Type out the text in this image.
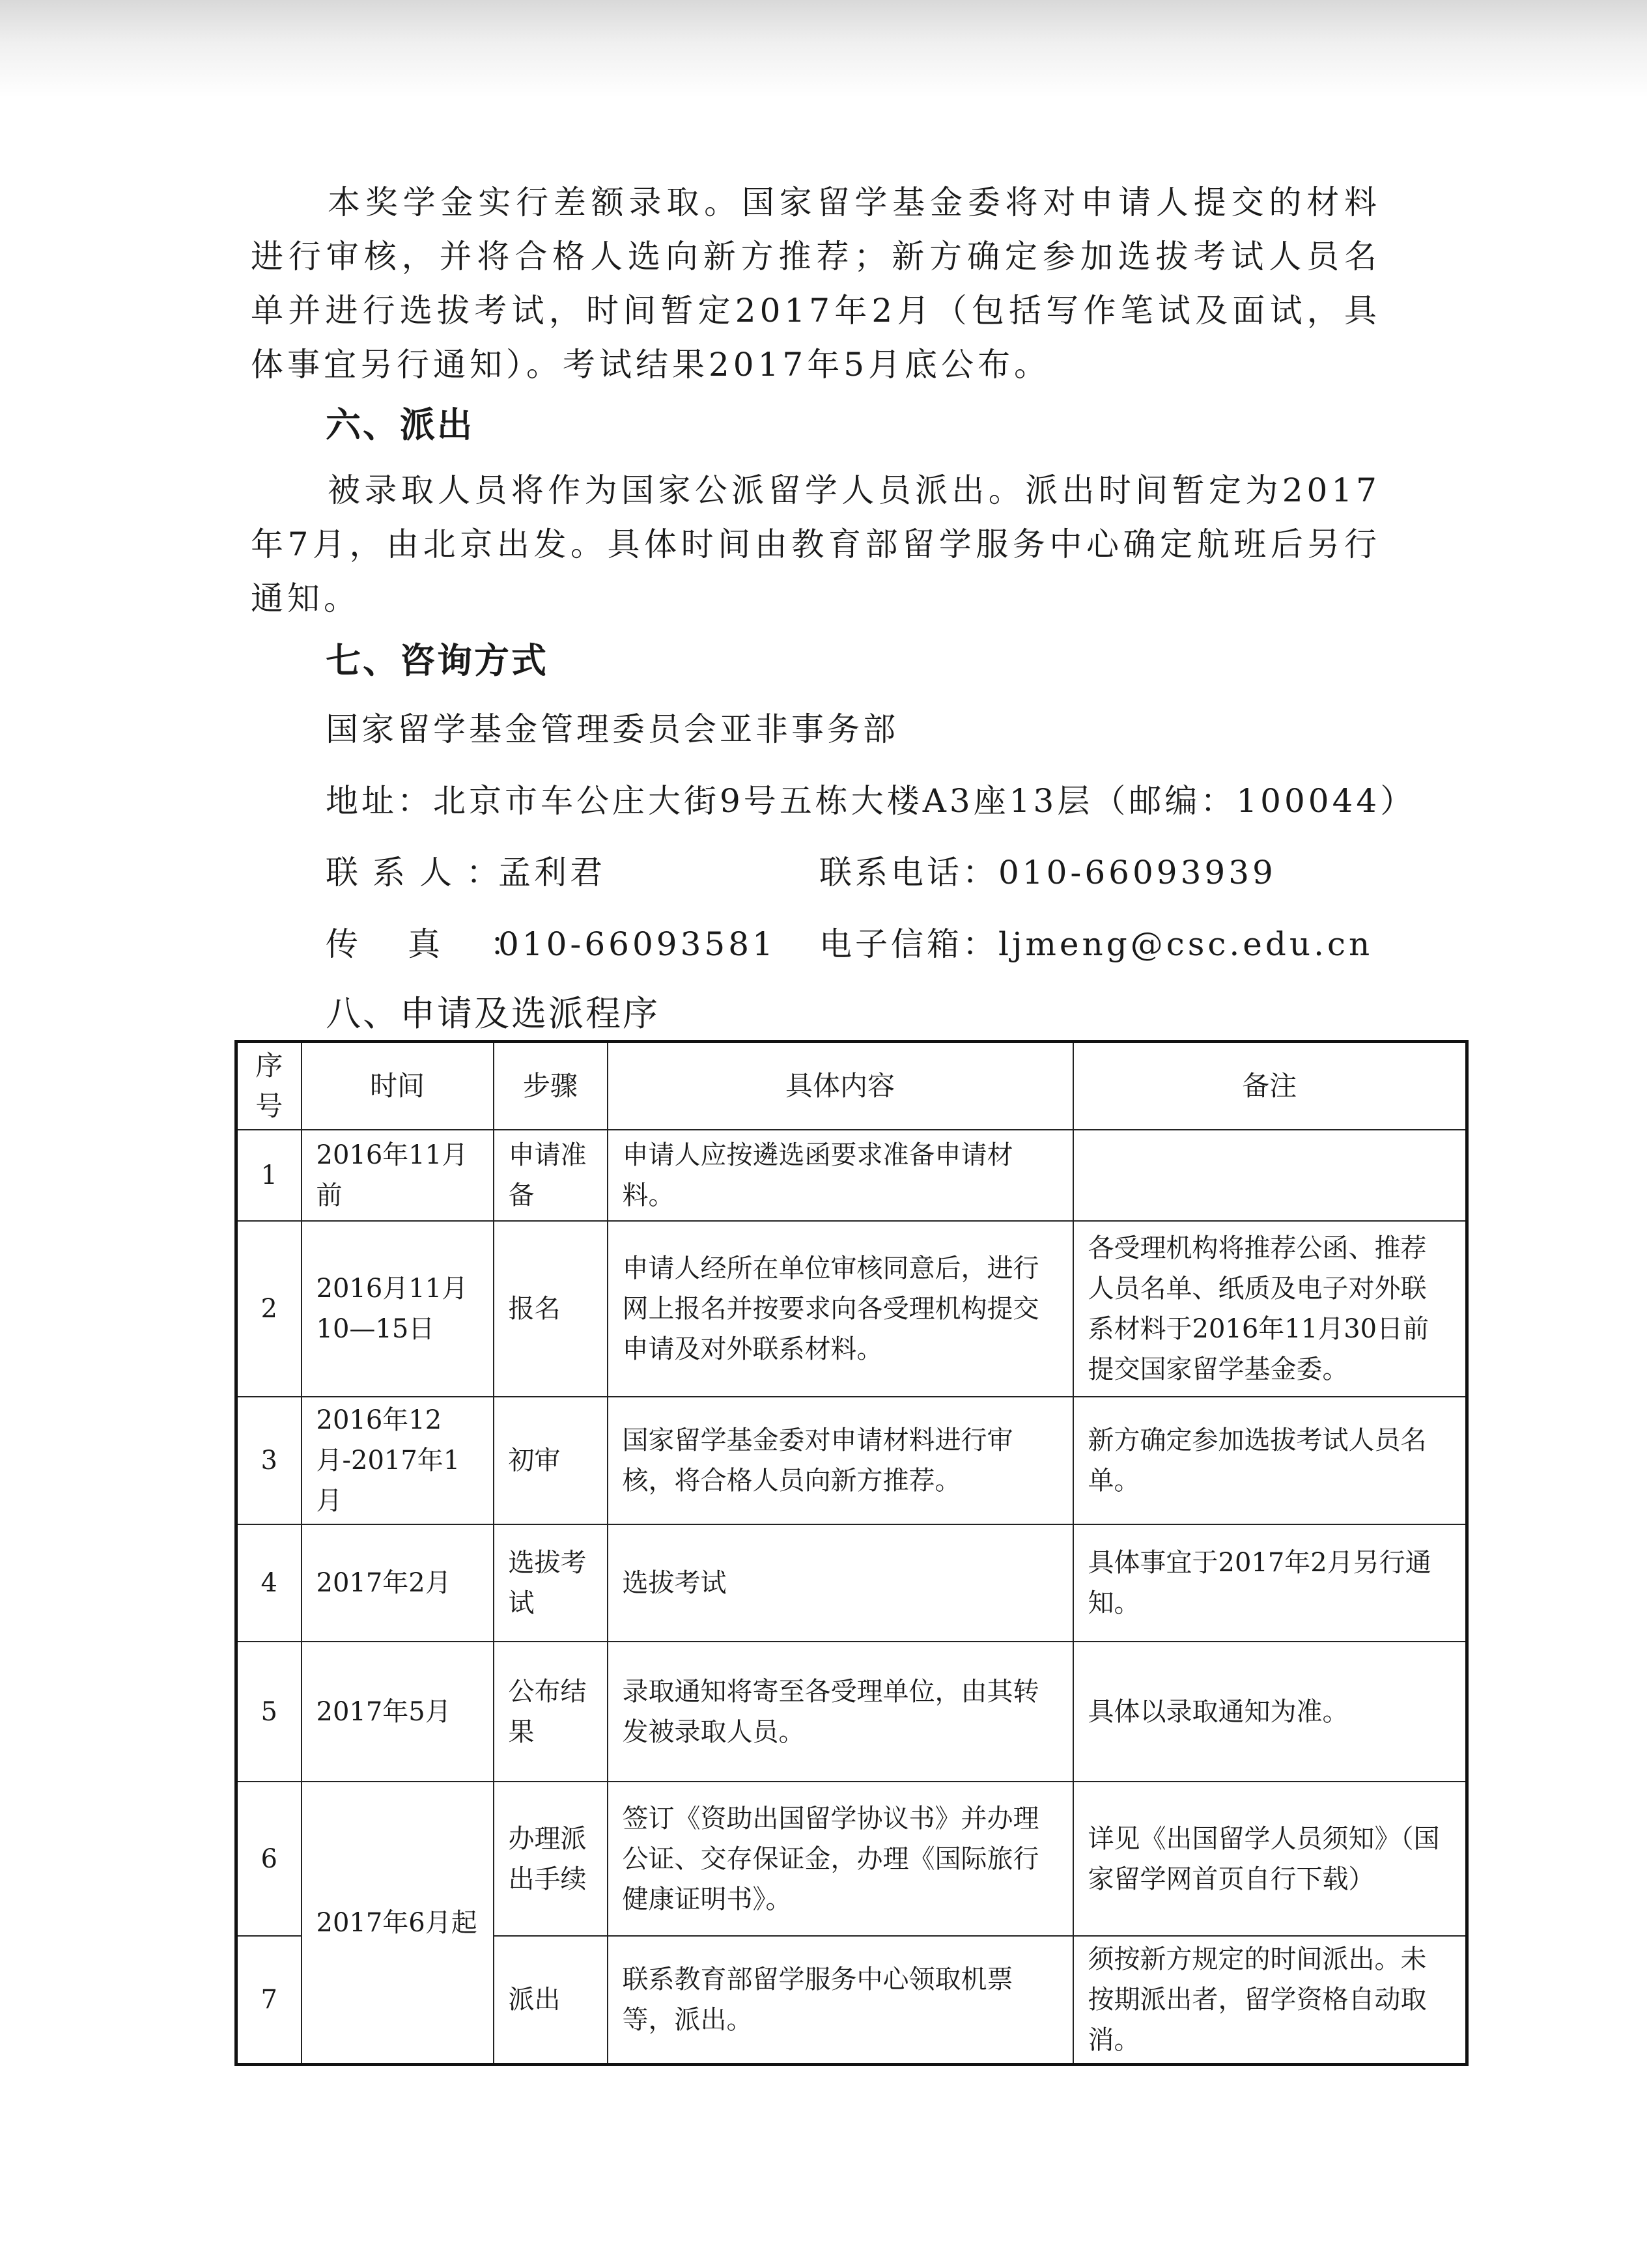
本奖学金实行差额录取。国家留学基金委将对申请人提交的材料进行审核，并将合格人选向新方推荐；新方确定参加选拔考试人员名单并进行选拔考试，时间暂定2017年2月（包括写作笔试及面试，具体事宜另行通知）。考试结果2017年5月底公布。

六、派出

被录取人员将作为国家公派留学人员派出。派出时间暂定为2017年7月，由北京出发。具体时间由教育部留学服务中心确定航班后另行通知。

七、咨询方式

国家留学基金管理委员会亚非事务部

地址：北京市车公庄大街9号五栋大楼A3座13层（邮编：100044）

联系人：孟利君	联系电话：010-66093939
传真：010-66093581 电子信箱：ljmeng@csc.edu.cn
八、申请及选派程序
序号	时间	步骤	具体内容	备注
1	2016年11月前	申请准备	申请人应按遴选函要求准备申请材料。	
2	2016月11月10—15日	报名	申请人经所在单位审核同意后，进行网上报名并按要求向各受理机构提交申请及对外联系材料。	各受理机构将推荐公函、推荐人员名单、纸质及电子对外联系材料于2016年11月30日前提交国家留学基金委。
3	2016年12月-2017年1月	初审	国家留学基金委对申请材料进行审核，将合格人员向新方推荐。	新方确定参加选拔考试人员名单。
4	2017年2月	选拔考试	选拔考试	具体事宜于2017年2月另行通知。
5	2017年5月	公布结果	录取通知将寄至各受理单位，由其转发被录取人员。	具体以录取通知为准。
6	2017年6月起	办理派出手续	签订《资助出国留学协议书》并办理公证、交存保证金，办理《国际旅行健康证明书》。	详见《出国留学人员须知》（国家留学网首页自行下载）
7		派出	联系教育部留学服务中心领取机票等，派出。	须按新方规定的时间派出。未按期派出者，留学资格自动取消。
